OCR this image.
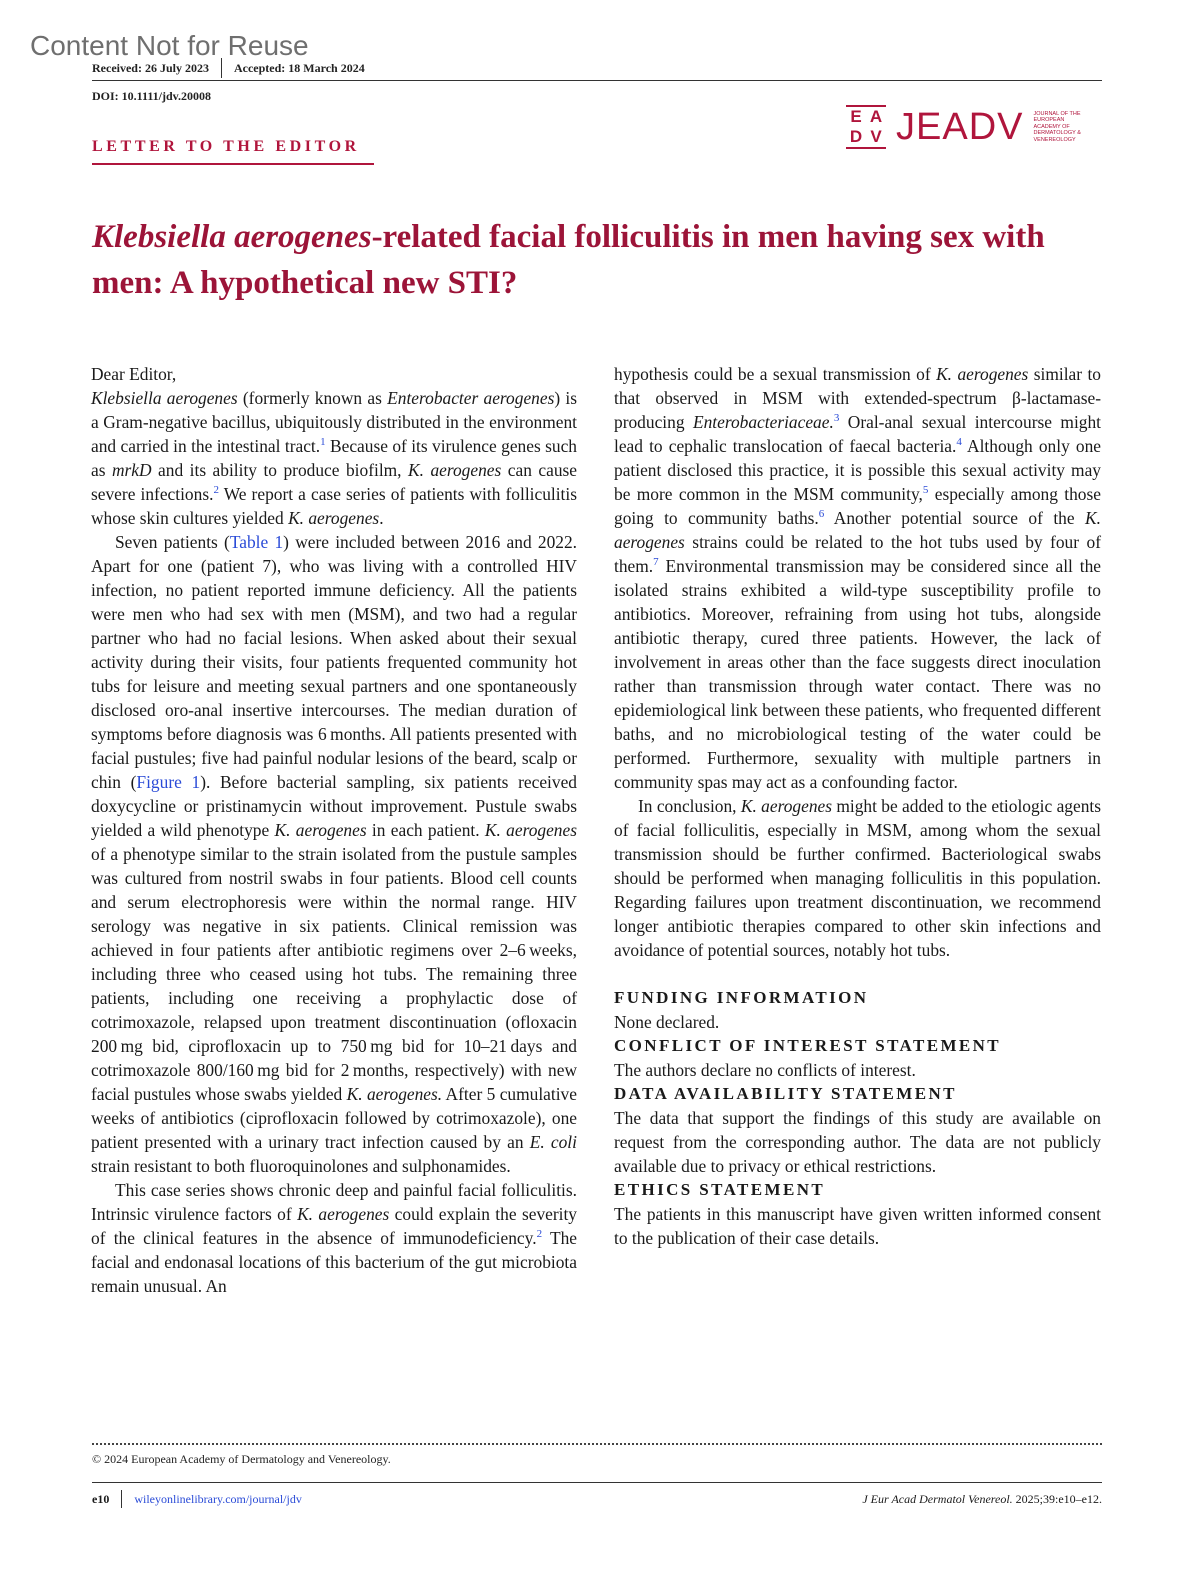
Content Not for Reuse
Received: 26 July 2023 Accepted: 18 March 2024
DOI: 10.1111/jdv.20008
LETTER TO THE EDITOR
E A
D V JEADV JOURNAL OF THE EUROPEAN ACADEMY OF DERMATOLOGY & VENEREOLOGY
Klebsiella aerogenes-related facial folliculitis in men having sex with men: A hypothetical new STI?

Dear Editor,

Klebsiella aerogenes (formerly known as Enterobacter aerogenes) is a Gram-negative bacillus, ubiquitously distributed in the environment and carried in the intestinal tract.$^1$ Because of its virulence genes such as mrkD and its ability to produce biofilm, K. aerogenes can cause severe infections.$^2$ We report a case series of patients with folliculitis whose skin cultures yielded K. aerogenes.

Seven patients (Table 1) were included between 2016 and 2022. Apart for one (patient 7), who was living with a controlled HIV infection, no patient reported immune deficiency. All the patients were men who had sex with men (MSM), and two had a regular partner who had no facial lesions. When asked about their sexual activity during their visits, four patients frequented community hot tubs for leisure and meeting sexual partners and one spontaneously disclosed oro-anal insertive intercourses. The median duration of symptoms before diagnosis was 6 months. All patients presented with facial pustules; five had painful nodular lesions of the beard, scalp or chin (Figure 1). Before bacterial sampling, six patients received doxycycline or pristinamycin without improvement. Pustule swabs yielded a wild phenotype K. aerogenes in each patient. K. aerogenes of a phenotype similar to the strain isolated from the pustule samples was cultured from nostril swabs in four patients. Blood cell counts and serum electrophoresis were within the normal range. HIV serology was negative in six patients. Clinical remission was achieved in four patients after antibiotic regimens over 2–6 weeks, including three who ceased using hot tubs. The remaining three patients, including one receiving a prophylactic dose of cotrimoxazole, relapsed upon treatment discontinuation (ofloxacin 200 mg bid, ciprofloxacin up to 750 mg bid for 10–21 days and cotrimoxazole 800/160 mg bid for 2 months, respectively) with new facial pustules whose swabs yielded K. aerogenes. After 5 cumulative weeks of antibiotics (ciprofloxacin followed by cotrimoxazole), one patient presented with a urinary tract infection caused by an E. coli strain resistant to both fluoroquinolones and sulphonamides.

This case series shows chronic deep and painful facial folliculitis. Intrinsic virulence factors of K. aerogenes could explain the severity of the clinical features in the absence of immunodeficiency.$^2$ The facial and endonasal locations of this bacterium of the gut microbiota remain unusual. An

hypothesis could be a sexual transmission of K. aerogenes similar to that observed in MSM with extended-spectrum β-lactamase-producing Enterobacteriaceae.$^3$ Oral-anal sexual intercourse might lead to cephalic translocation of faecal bacteria.$^4$ Although only one patient disclosed this practice, it is possible this sexual activity may be more common in the MSM community,$^5$ especially among those going to community baths.$^6$ Another potential source of the K. aerogenes strains could be related to the hot tubs used by four of them.$^7$ Environmental transmission may be considered since all the isolated strains exhibited a wild-type susceptibility profile to antibiotics. Moreover, refraining from using hot tubs, alongside antibiotic therapy, cured three patients. However, the lack of involvement in areas other than the face suggests direct inoculation rather than transmission through water contact. There was no epidemiological link between these patients, who frequented different baths, and no microbiological testing of the water could be performed. Furthermore, sexuality with multiple partners in community spas may act as a confounding factor.

In conclusion, K. aerogenes might be added to the etiologic agents of facial folliculitis, especially in MSM, among whom the sexual transmission should be further confirmed. Bacteriological swabs should be performed when managing folliculitis in this population. Regarding failures upon treatment discontinuation, we recommend longer antibiotic therapies compared to other skin infections and avoidance of potential sources, notably hot tubs.

FUNDING INFORMATION

None declared.

CONFLICT OF INTEREST STATEMENT

The authors declare no conflicts of interest.

DATA AVAILABILITY STATEMENT

The data that support the findings of this study are available on request from the corresponding author. The data are not publicly available due to privacy or ethical restrictions.

ETHICS STATEMENT

The patients in this manuscript have given written informed consent to the publication of their case details.

© 2024 European Academy of Dermatology and Venereology.
e10 wileyonlinelibrary.com/journal/jdv	J Eur Acad Dermatol Venereol. 2025;39:e10–e12.
